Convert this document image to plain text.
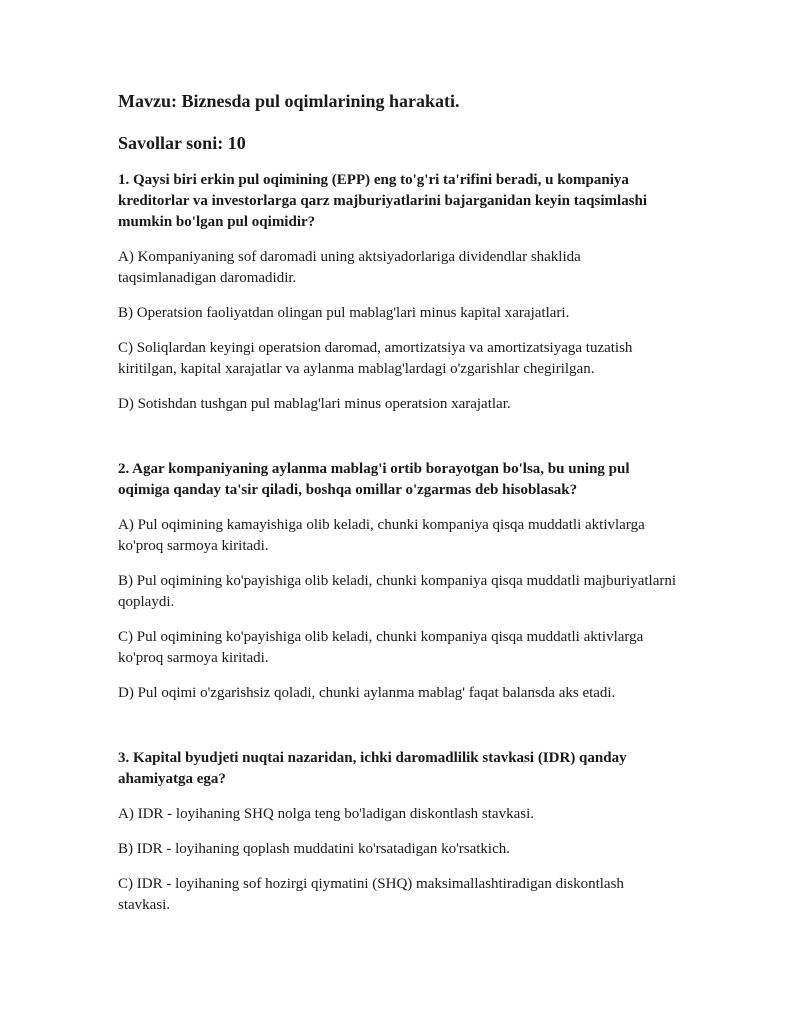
Mavzu: Biznesda pul oqimlarining harakati.
Savollar soni: 10

1. Qaysi biri erkin pul oqimining (EPP) eng to'g'ri ta'rifini beradi, u kompaniya kreditorlar va investorlarga qarz majburiyatlarini bajarganidan keyin taqsimlashi mumkin bo'lgan pul oqimidir?

A) Kompaniyaning sof daromadi uning aktsiyadorlariga dividendlar shaklida taqsimlanadigan daromadidir.

B) Operatsion faoliyatdan olingan pul mablag'lari minus kapital xarajatlari.

C) Soliqlardan keyingi operatsion daromad, amortizatsiya va amortizatsiyaga tuzatish kiritilgan, kapital xarajatlar va aylanma mablag'lardagi o'zgarishlar chegirilgan.

D) Sotishdan tushgan pul mablag'lari minus operatsion xarajatlar.

2. Agar kompaniyaning aylanma mablag'i ortib borayotgan bo'lsa, bu uning pul oqimiga qanday ta'sir qiladi, boshqa omillar o'zgarmas deb hisoblasak?

A) Pul oqimining kamayishiga olib keladi, chunki kompaniya qisqa muddatli aktivlarga ko'proq sarmoya kiritadi.

B) Pul oqimining ko'payishiga olib keladi, chunki kompaniya qisqa muddatli majburiyatlarni qoplaydi.

C) Pul oqimining ko'payishiga olib keladi, chunki kompaniya qisqa muddatli aktivlarga ko'proq sarmoya kiritadi.

D) Pul oqimi o'zgarishsiz qoladi, chunki aylanma mablag' faqat balansda aks etadi.

3. Kapital byudjeti nuqtai nazaridan, ichki daromadlilik stavkasi (IDR) qanday ahamiyatga ega?

A) IDR - loyihaning SHQ nolga teng bo'ladigan diskontlash stavkasi.

B) IDR - loyihaning qoplash muddatini ko'rsatadigan ko'rsatkich.

C) IDR - loyihaning sof hozirgi qiymatini (SHQ) maksimallashtiradigan diskontlash stavkasi.
